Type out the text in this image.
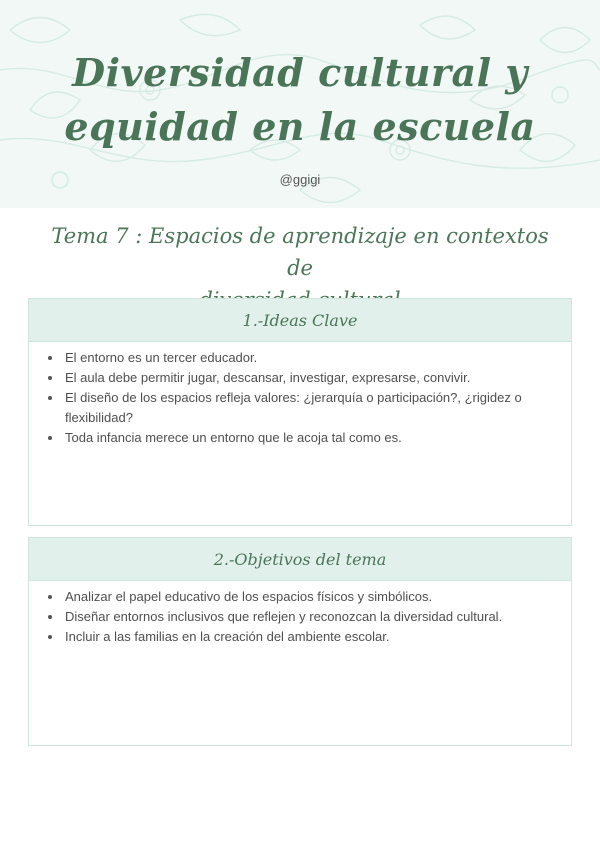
Diversidad cultural y
equidad en la escuela
@ggigi
Tema 7 : Espacios de aprendizaje en contextos de
1.-Ideas Clave
• El entorno es un tercer educador.
• El aula debe permitir jugar, descansar, investigar, expresarse, convivir.
• El diseño de los espacios refleja valores: ¿jerarquía o participación?, ¿rigidez o flexibilidad?
• Toda infancia merece un entorno que le acoja tal como es.
2.-Objetivos del tema
• Analizar el papel educativo de los espacios físicos y simbólicos.
• Diseñar entornos inclusivos que reflejen y reconozcan la diversidad cultural.
• Incluir a las familias en la creación del ambiente escolar.
